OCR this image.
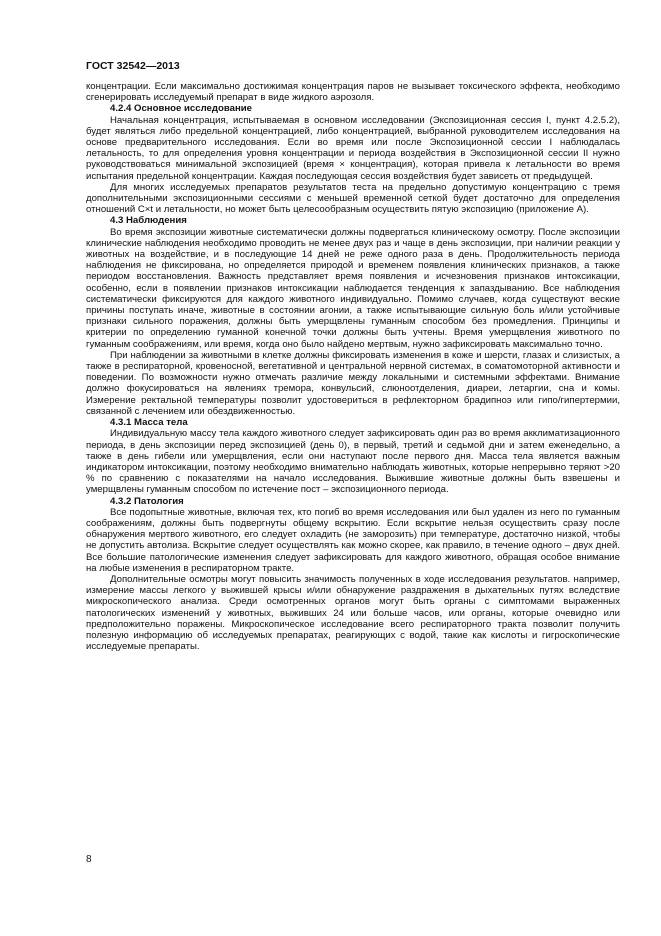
ГОСТ 32542—2013

концентрации. Если максимально достижимая концентрация паров не вызывает токсического эффекта, необходимо сгенерировать исследуемый препарат в виде жидкого аэрозоля.

4.2.4 Основное исследование

Начальная концентрация, испытываемая в основном исследовании (Экспозиционная сессия I, пункт 4.2.5.2), будет являться либо предельной концентрацией, либо концентрацией, выбранной руководителем исследования на основе предварительного исследования. Если во время или после Экспозиционной сессии I наблюдалась летальность, то для определения уровня концентрации и периода воздействия в Экспозиционной сессии II нужно руководствоваться минимальной экспозицией (время × концентрация), которая привела к летальности во время испытания предельной концентрации. Каждая последующая сессия воздействия будет зависеть от предыдущей.

Для многих исследуемых препаратов результатов теста на предельно допустимую концентрацию с тремя дополнительными экспозиционными сессиями с меньшей временной сеткой будет достаточно для определения отношений C×t и летальности, но может быть целесообразным осуществить пятую экспозицию (приложение А).

4.3 Наблюдения

Во время экспозиции животные систематически должны подвергаться клиническому осмотру. После экспозиции клинические наблюдения необходимо проводить не менее двух раз и чаще в день экспозиции, при наличии реакции у животных на воздействие, и в последующие 14 дней не реже одного раза в день. Продолжительность периода наблюдения не фиксирована, но определяется природой и временем появления клинических признаков, а также периодом восстановления. Важность представляет время появления и исчезновения признаков интоксикации, особенно, если в появлении признаков интоксикации наблюдается тенденция к запаздыванию. Все наблюдения систематически фиксируются для каждого животного индивидуально. Помимо случаев, когда существуют веские причины поступать иначе, животные в состоянии агонии, а также испытывающие сильную боль и/или устойчивые признаки сильного поражения, должны быть умерщвлены гуманным способом без промедления. Принципы и критерии по определению гуманной конечной точки должны быть учтены. Время умерщвления животного по гуманным соображениям, или время, когда оно было найдено мертвым, нужно зафиксировать максимально точно.

При наблюдении за животными в клетке должны фиксировать изменения в коже и шерсти, глазах и слизистых, а также в респираторной, кровеносной, вегетативной и центральной нервной системах, в соматомоторной активности и поведении. По возможности нужно отмечать различие между локальными и системными эффектами. Внимание должно фокусироваться на явлениях тремора, конвульсий, слюноотделения, диареи, летаргии, сна и комы. Измерение ректальной температуры позволит удостовериться в рефлекторном брадипноэ или гипо/гипертермии, связанной с лечением или обездвиженностью.

4.3.1 Масса тела

Индивидуальную массу тела каждого животного следует зафиксировать один раз во время акклиматизационного периода, в день экспозиции перед экспозицией (день 0), в первый, третий и седьмой дни и затем еженедельно, а также в день гибели или умерщвления, если они наступают после первого дня. Масса тела является важным индикатором интоксикации, поэтому необходимо внимательно наблюдать животных, которые непрерывно теряют >20 % по сравнению с показателями на начало исследования. Выжившие животные должны быть взвешены и умерщвлены гуманным способом по истечение пост – экспозиционного периода.

4.3.2 Патология

Все подопытные животные, включая тех, кто погиб во время исследования или был удален из него по гуманным соображениям, должны быть подвергнуты общему вскрытию. Если вскрытие нельзя осуществить сразу после обнаружения мертвого животного, его следует охладить (не заморозить) при температуре, достаточно низкой, чтобы не допустить автолиза. Вскрытие следует осуществлять как можно скорее, как правило, в течение одного – двух дней. Все большие патологические изменения следует зафиксировать для каждого животного, обращая особое внимание на любые изменения в респираторном тракте.

Дополнительные осмотры могут повысить значимость полученных в ходе исследования результатов. например, измерение массы легкого у выжившей крысы и/или обнаружение раздражения в дыхательных путях вследствие микроскопического анализа. Среди осмотренных органов могут быть органы с симптомами выраженных патологических изменений у животных, выживших 24 или больше часов, или органы, которые очевидно или предположительно поражены. Микроскопическое исследование всего респираторного тракта позволит получить полезную информацию об исследуемых препаратах, реагирующих с водой, такие как кислоты и гигроскопические исследуемые препараты.

8
